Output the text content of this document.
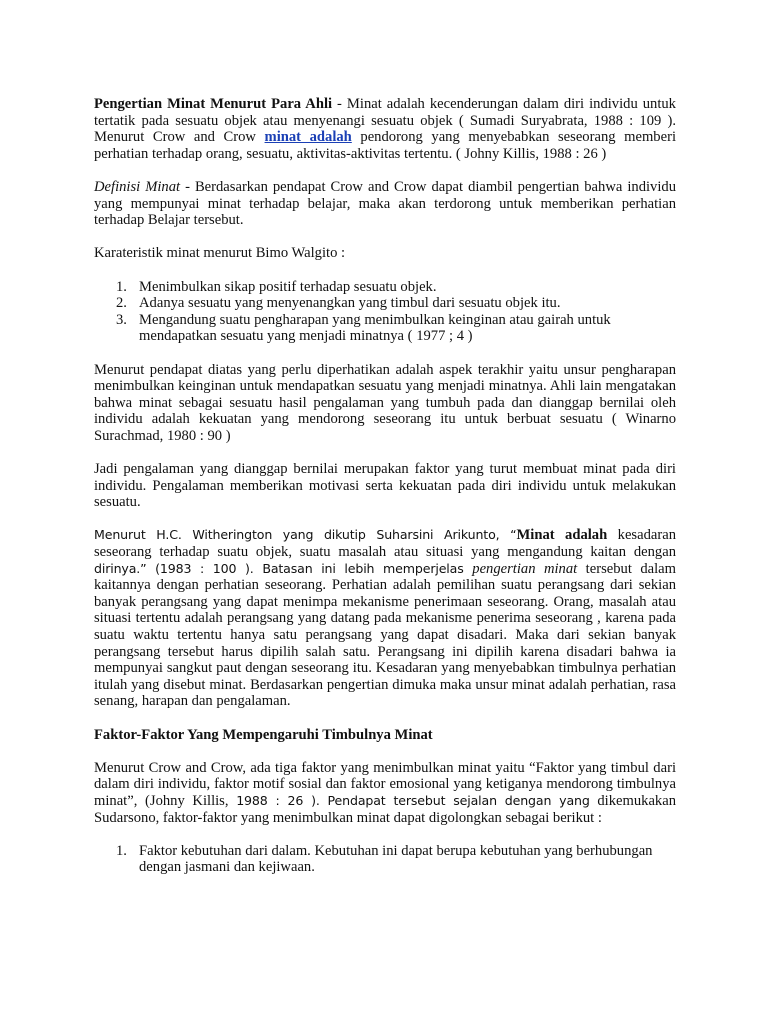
Pengertian Minat Menurut Para Ahli - Minat adalah kecenderungan dalam diri individu untuk tertatik pada sesuatu objek atau menyenangi sesuatu objek ( Sumadi Suryabrata, 1988 : 109 ). Menurut Crow and Crow minat adalah pendorong yang menyebabkan seseorang memberi perhatian terhadap orang, sesuatu, aktivitas-aktivitas tertentu. ( Johny Killis, 1988 : 26 )

Definisi Minat - Berdasarkan pendapat Crow and Crow dapat diambil pengertian bahwa individu yang mempunyai minat terhadap belajar, maka akan terdorong untuk memberikan perhatian terhadap Belajar tersebut.

Karateristik minat menurut Bimo Walgito :

1. Menimbulkan sikap positif terhadap sesuatu objek.
2. Adanya sesuatu yang menyenangkan yang timbul dari sesuatu objek itu.
3. Mengandung suatu pengharapan yang menimbulkan keinginan atau gairah untuk mendapatkan sesuatu yang menjadi minatnya ( 1977 ; 4 )

Menurut pendapat diatas yang perlu diperhatikan adalah aspek terakhir yaitu unsur pengharapan menimbulkan keinginan untuk mendapatkan sesuatu yang menjadi minatnya. Ahli lain mengatakan bahwa minat sebagai sesuatu hasil pengalaman yang tumbuh pada dan dianggap bernilai oleh individu adalah kekuatan yang mendorong seseorang itu untuk berbuat sesuatu ( Winarno Surachmad, 1980 : 90 )

Jadi pengalaman yang dianggap bernilai merupakan faktor yang turut membuat minat pada diri individu. Pengalaman memberikan motivasi serta kekuatan pada diri individu untuk melakukan sesuatu.

Menurut H.C. Witherington yang dikutip Suharsini Arikunto, “Minat adalah kesadaran seseorang terhadap suatu objek, suatu masalah atau situasi yang mengandung kaitan dengan dirinya.” (1983 : 100 ). Batasan ini lebih memperjelas pengertian minat tersebut dalam kaitannya dengan perhatian seseorang. Perhatian adalah pemilihan suatu perangsang dari sekian banyak perangsang yang dapat menimpa mekanisme penerimaan seseorang. Orang, masalah atau situasi tertentu adalah perangsang yang datang pada mekanisme penerima seseorang , karena pada suatu waktu tertentu hanya satu perangsang yang dapat disadari. Maka dari sekian banyak perangsang tersebut harus dipilih salah satu. Perangsang ini dipilih karena disadari bahwa ia mempunyai sangkut paut dengan seseorang itu. Kesadaran yang menyebabkan timbulnya perhatian itulah yang disebut minat. Berdasarkan pengertian dimuka maka unsur minat adalah perhatian, rasa senang, harapan dan pengalaman.

Faktor-Faktor Yang Mempengaruhi Timbulnya Minat

Menurut Crow and Crow, ada tiga faktor yang menimbulkan minat yaitu “Faktor yang timbul dari dalam diri individu, faktor motif sosial dan faktor emosional yang ketiganya mendorong timbulnya minat”, (Johny Killis, 1988 : 26 ). Pendapat tersebut sejalan dengan yang dikemukakan Sudarsono, faktor-faktor yang menimbulkan minat dapat digolongkan sebagai berikut :

1. Faktor kebutuhan dari dalam. Kebutuhan ini dapat berupa kebutuhan yang berhubungan dengan jasmani dan kejiwaan.
